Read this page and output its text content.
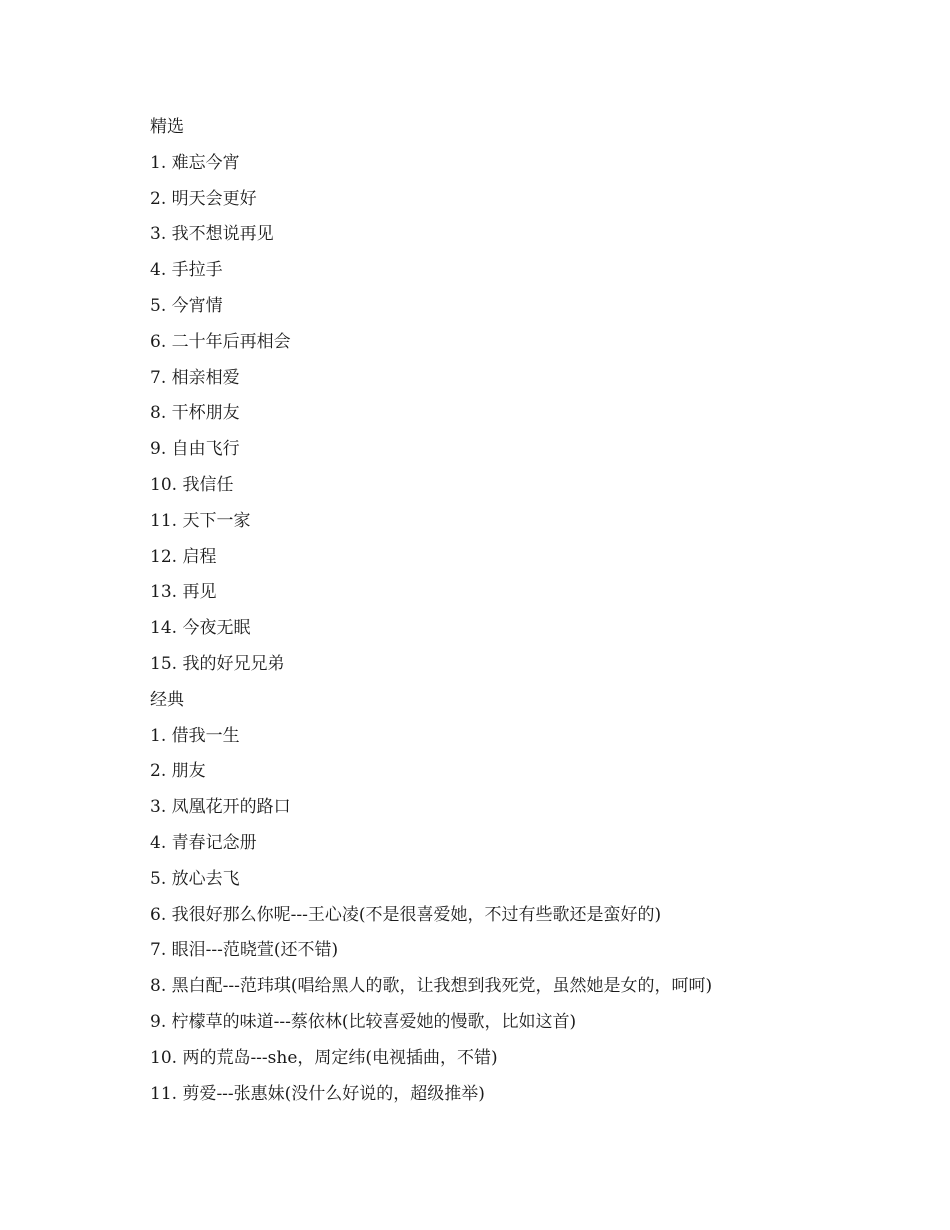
精选
1. 难忘今宵
2. 明天会更好
3. 我不想说再见
4. 手拉手
5. 今宵情
6. 二十年后再相会
7. 相亲相爱
8. 干杯朋友
9. 自由飞行
10. 我信任
11. 天下一家
12. 启程
13. 再见
14. 今夜无眠
15. 我的好兄兄弟
经典
1. 借我一生
2. 朋友
3. 凤凰花开的路口
4. 青春记念册
5. 放心去飞
6. 我很好那么你呢---王心凌(不是很喜爱她，不过有些歌还是蛮好的)
7. 眼泪---范晓萱(还不错)
8. 黑白配---范玮琪(唱给黑人的歌，让我想到我死党，虽然她是女的，呵呵)
9. 柠檬草的味道---蔡依林(比较喜爱她的慢歌，比如这首)
10. 两的荒岛---she，周定纬(电视插曲，不错)
11. 剪爱---张惠妹(没什么好说的，超级推举)
